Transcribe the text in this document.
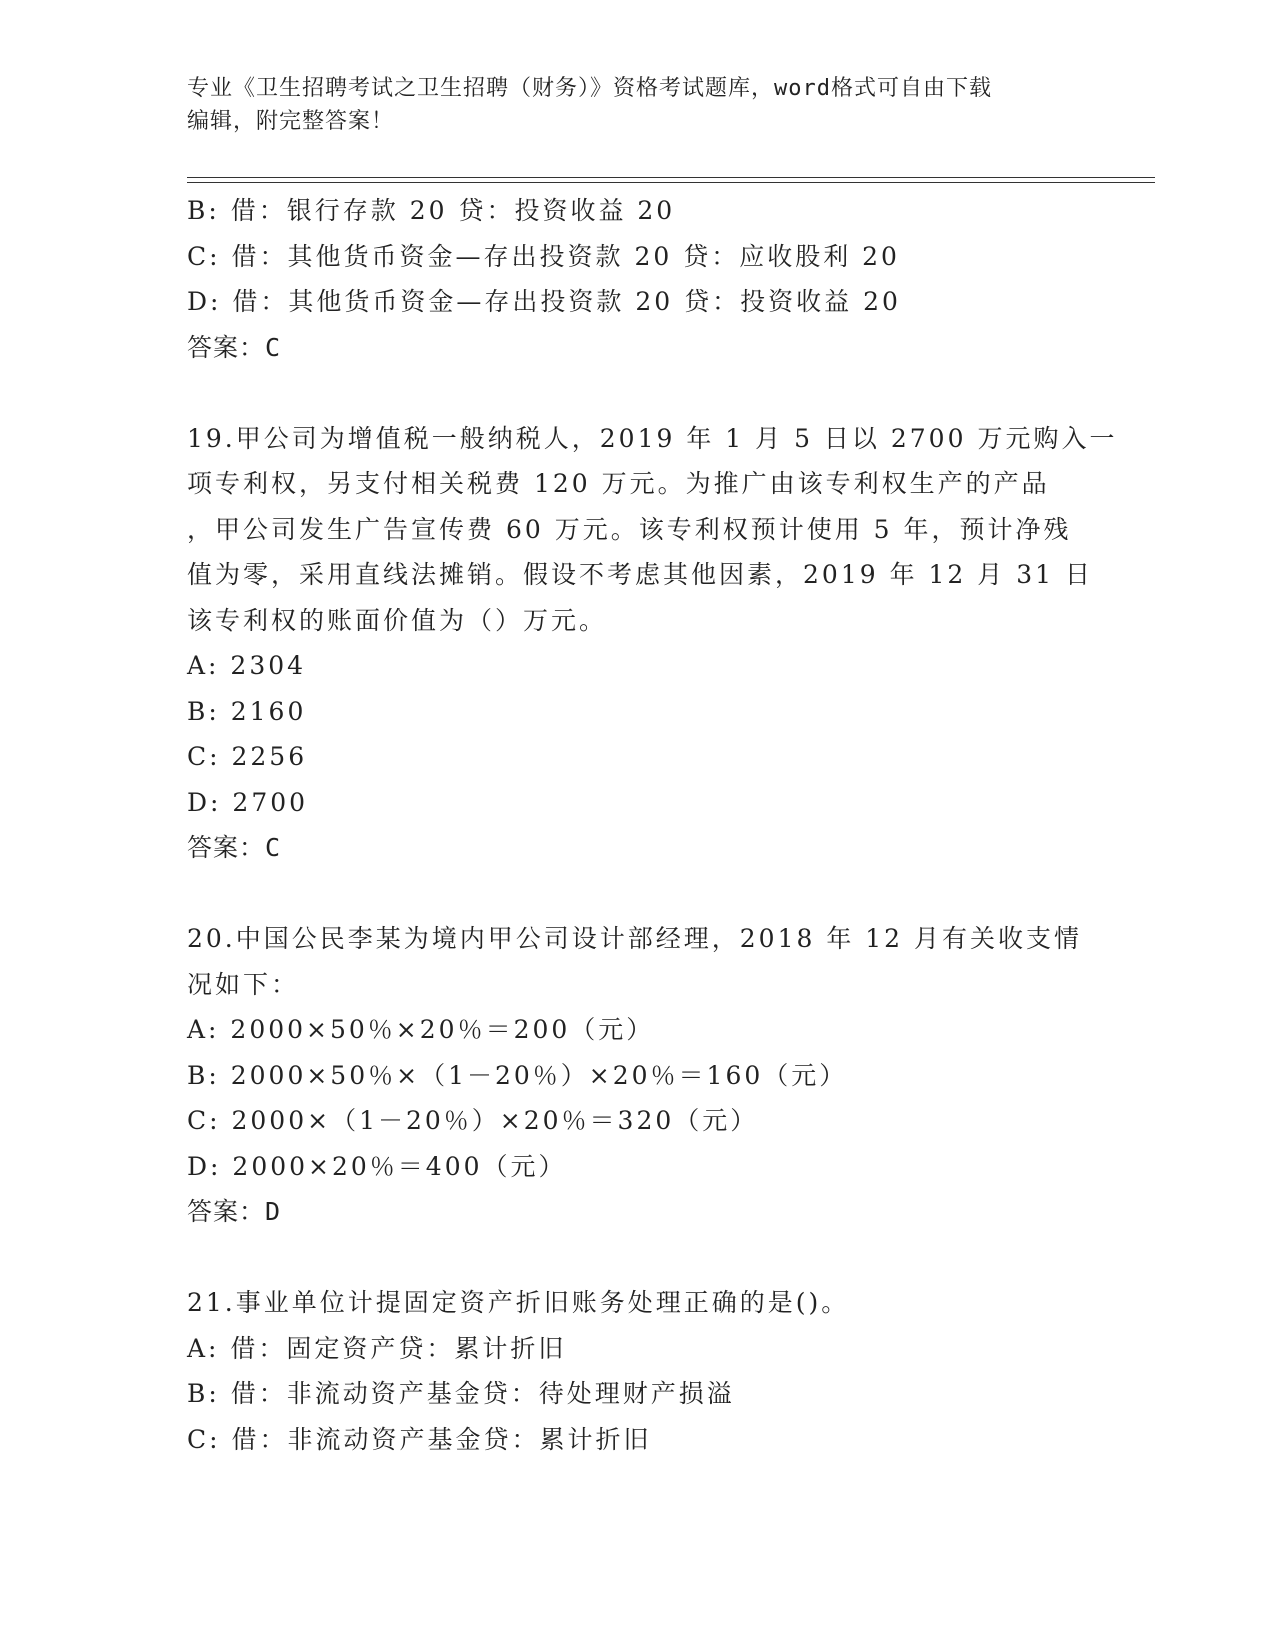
专业《卫生招聘考试之卫生招聘（财务）》资格考试题库，word格式可自由下载
编辑，附完整答案！
B: 借：银行存款 20 贷：投资收益 20
C: 借：其他货币资金—存出投资款 20 贷：应收股利 20
D: 借：其他货币资金—存出投资款 20 贷：投资收益 20
答案：C
19.甲公司为增值税一般纳税人，2019 年 1 月 5 日以 2700 万元购入一
项专利权，另支付相关税费 120 万元。为推广由该专利权生产的产品
，甲公司发生广告宣传费 60 万元。该专利权预计使用 5 年，预计净残
值为零，采用直线法摊销。假设不考虑其他因素，2019 年 12 月 31 日
该专利权的账面价值为（）万元。
A: 2304
B: 2160
C: 2256
D: 2700
答案：C
20.中国公民李某为境内甲公司设计部经理，2018 年 12 月有关收支情
况如下：
A: 2000×50％×20％＝200（元）
B: 2000×50％×（1－20％）×20％＝160（元）
C: 2000×（1－20％）×20％＝320（元）
D: 2000×20％＝400（元）
答案：D
21.事业单位计提固定资产折旧账务处理正确的是()。
A: 借：固定资产贷：累计折旧
B: 借：非流动资产基金贷：待处理财产损溢
C: 借：非流动资产基金贷：累计折旧
